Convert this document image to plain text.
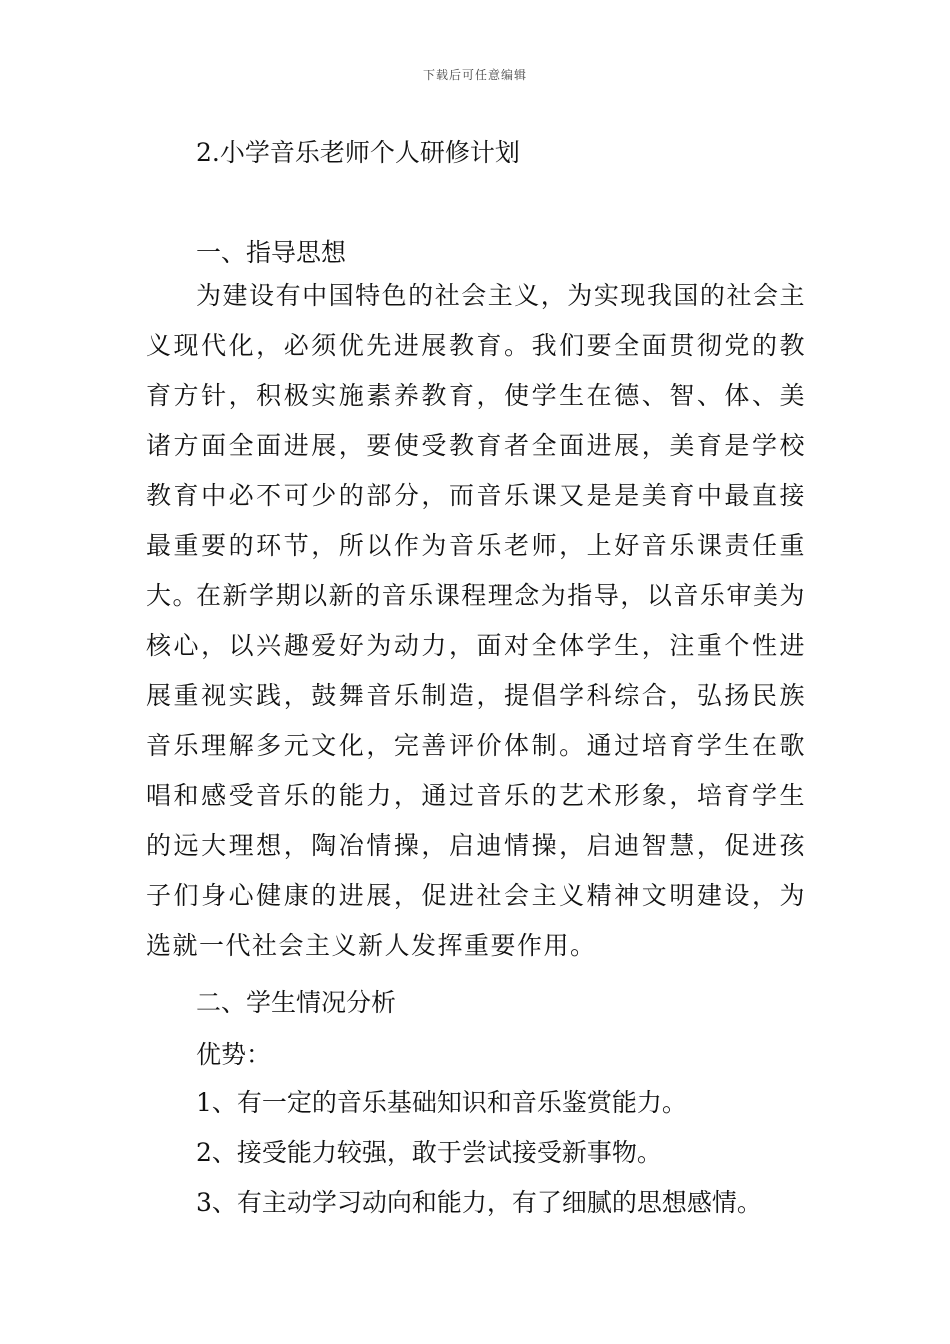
下载后可任意编辑
2.小学音乐老师个人研修计划
一、指导思想

为建设有中国特色的社会主义，为实现我国的社会主义现代化，必须优先进展教育。我们要全面贯彻党的教育方针，积极实施素养教育，使学生在德、智、体、美诸方面全面进展，要使受教育者全面进展，美育是学校教育中必不可少的部分，而音乐课又是是美育中最直接最重要的环节，所以作为音乐老师，上好音乐课责任重大。

在新学期以新的音乐课程理念为指导，以音乐审美为核心，以兴趣爱好为动力，面对全体学生，注重个性进展重视实践，鼓舞音乐制造，提倡学科综合，弘扬民族音乐理解多元文化，完善评价体制。通过培育学生在歌唱和感受音乐的能力，通过音乐的艺术形象，培育学生的远大理想，陶冶情操，启迪情操，启迪智慧，促进孩子们身心健康的进展，促进社会主义精神文明建设，为选就一代社会主义新人发挥重要作用。

二、学生情况分析
优势：
1、有一定的音乐基础知识和音乐鉴赏能力。
2、接受能力较强，敢于尝试接受新事物。
3、有主动学习动向和能力，有了细腻的思想感情。
